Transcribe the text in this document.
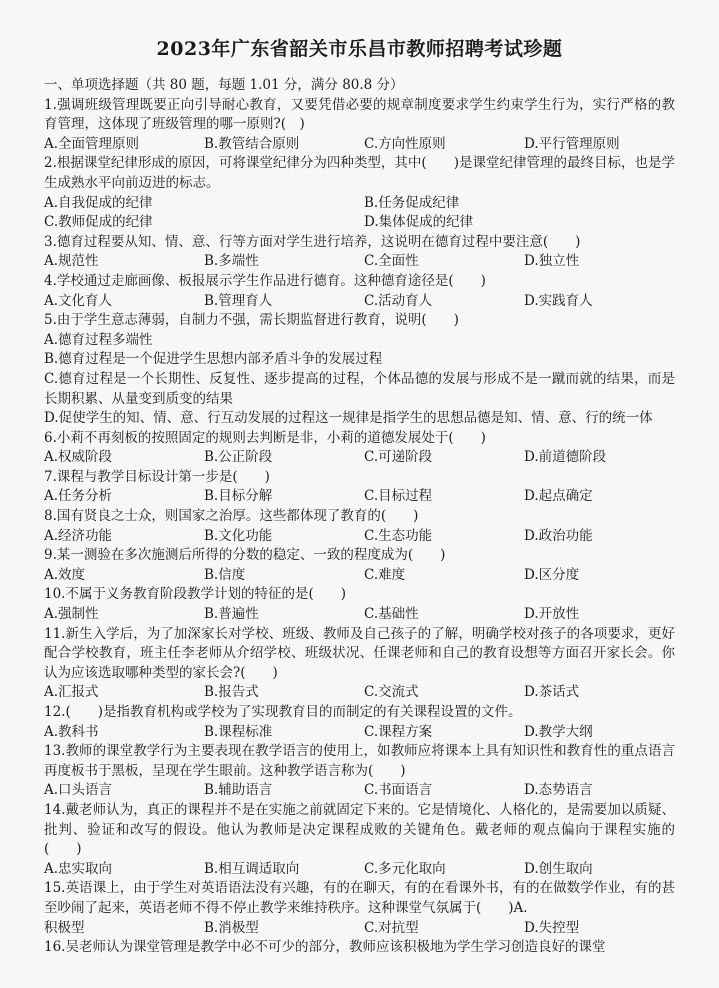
2023年广东省韶关市乐昌市教师招聘考试珍题

一、单项选择题（共 80 题，每题 1.01 分，满分 80.8 分）

1.强调班级管理既要正向引导耐心教育，又要凭借必要的规章制度要求学生约束学生行为，实行严格的教育管理，这体现了班级管理的哪一原则?(　)

A.全面管理原则	B.教管结合原则	C.方向性原则	D.平行管理原则

2.根据课堂纪律形成的原因，可将课堂纪律分为四种类型，其中(　　)是课堂纪律管理的最终目标，也是学生成熟水平向前迈进的标志。

A.自我促成的纪律	B.任务促成纪律
C.教师促成的纪律	D.集体促成的纪律

3.德育过程要从知、情、意、行等方面对学生进行培养，这说明在德育过程中要注意(　　)

A.规范性	B.多端性	C.全面性	D.独立性

4.学校通过走廊画像、板报展示学生作品进行德育。这种德育途径是(　　)

A.文化育人	B.管理育人	C.活动育人	D.实践育人

5.由于学生意志薄弱，自制力不强，需长期监督进行教育，说明(　　)

A.德育过程多端性
B.德育过程是一个促进学生思想内部矛盾斗争的发展过程
C.德育过程是一个长期性、反复性、逐步提高的过程，个体品德的发展与形成不是一蹴而就的结果，而是长期积累、从量变到质变的结果
D.促使学生的知、情、意、行互动发展的过程这一规律是指学生的思想品德是知、情、意、行的统一体

6.小莉不再刻板的按照固定的规则去判断是非，小莉的道德发展处于(　　)

A.权威阶段	B.公正阶段	C.可递阶段	D.前道德阶段

7.课程与教学目标设计第一步是(　　)

A.任务分析	B.目标分解	C.目标过程	D.起点确定

8.国有贤良之士众，则国家之治厚。这些都体现了教育的(　　)

A.经济功能	B.文化功能	C.生态功能	D.政治功能

9.某一测验在多次施测后所得的分数的稳定、一致的程度成为(　　)

A.效度	B.信度	C.难度	D.区分度

10.不属于义务教育阶段教学计划的特征的是(　　)

A.强制性	B.普遍性	C.基础性	D.开放性

11.新生入学后，为了加深家长对学校、班级、教师及自己孩子的了解，明确学校对孩子的各项要求，更好配合学校教育，班主任李老师从介绍学校、班级状况、任课老师和自己的教育设想等方面召开家长会。你认为应该选取哪种类型的家长会?(　　)

A.汇报式	B.报告式	C.交流式	D.茶话式

12.(　　)是指教育机构或学校为了实现教育目的而制定的有关课程设置的文件。

A.教科书	B.课程标准	C.课程方案	D.教学大纲

13.教师的课堂教学行为主要表现在教学语言的使用上，如教师应将课本上具有知识性和教育性的重点语言再度板书于黑板，呈现在学生眼前。这种教学语言称为(　　)

A.口头语言	B.辅助语言	C.书面语言	D.态势语言

14.戴老师认为，真正的课程并不是在实施之前就固定下来的。它是情境化、人格化的，是需要加以质疑、批判、验证和改写的假设。他认为教师是决定课程成败的关键角色。戴老师的观点偏向于课程实施的(　　)

A.忠实取向	B.相互调适取向	C.多元化取向	D.创生取向

15.英语课上，由于学生对英语语法没有兴趣，有的在聊天，有的在看课外书，有的在做数学作业，有的甚至吵闹了起来，英语老师不得不停止教学来维持秩序。这种课堂气氛属于(　　)A.

积极型	B.消极型	C.对抗型	D.失控型

16.吴老师认为课堂管理是教学中必不可少的部分，教师应该积极地为学生学习创造良好的课堂
